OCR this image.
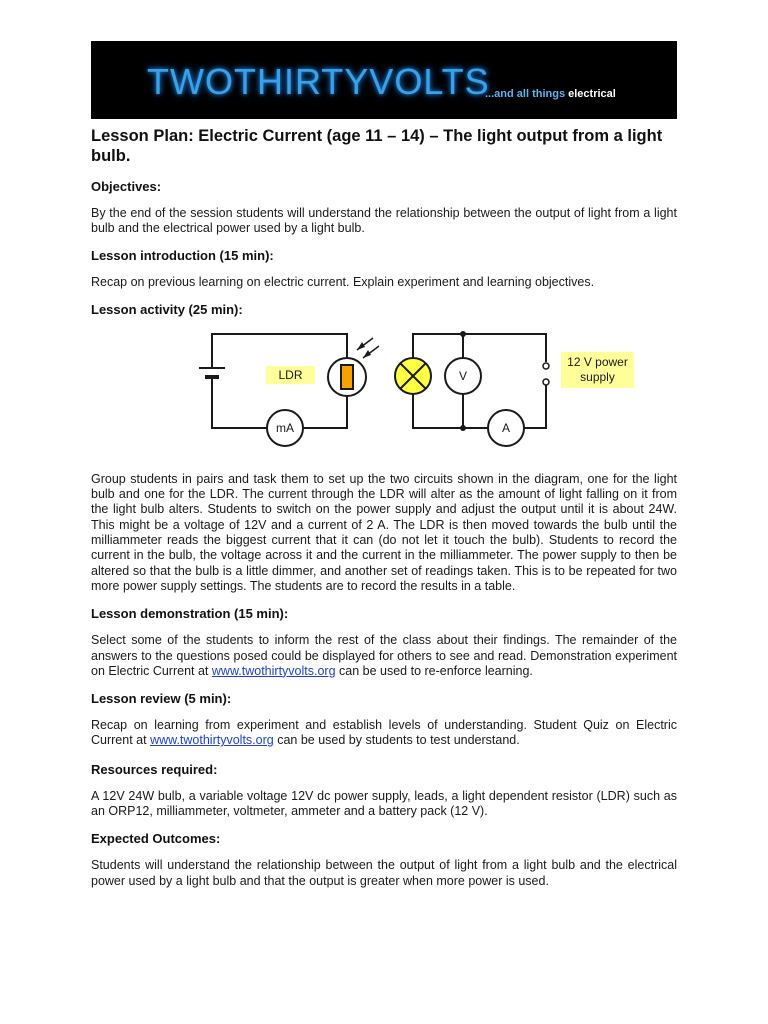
TWOTHIRTYVOLTS
...and all things electrical
Lesson Plan: Electric Current (age 11 – 14) – The light output from a light bulb.
Objectives:

By the end of the session students will understand the relationship between the output of light from a light bulb and the electrical power used by a light bulb.

Lesson introduction (15 min):

Recap on previous learning on electric current. Explain experiment and learning objectives.

Lesson activity (25 min):
mA
V
A
LDR
12 V power
supply

Group students in pairs and task them to set up the two circuits shown in the diagram, one for the light bulb and one for the LDR. The current through the LDR will alter as the amount of light falling on it from the light bulb alters. Students to switch on the power supply and adjust the output until it is about 24W. This might be a voltage of 12V and a current of 2 A. The LDR is then moved towards the bulb until the milliammeter reads the biggest current that it can (do not let it touch the bulb). Students to record the current in the bulb, the voltage across it and the current in the milliammeter. The power supply to then be altered so that the bulb is a little dimmer, and another set of readings taken. This is to be repeated for two more power supply settings. The students are to record the results in a table.

Lesson demonstration (15 min):

Select some of the students to inform the rest of the class about their findings. The remainder of the answers to the questions posed could be displayed for others to see and read. Demonstration experiment on Electric Current at www.twothirtyvolts.org can be used to re-enforce learning.

Lesson review (5 min):

Recap on learning from experiment and establish levels of understanding. Student Quiz on Electric Current at www.twothirtyvolts.org can be used by students to test understand.

Resources required:

A 12V 24W bulb, a variable voltage 12V dc power supply, leads, a light dependent resistor (LDR) such as an ORP12, milliammeter, voltmeter, ammeter and a battery pack (12 V).

Expected Outcomes:

Students will understand the relationship between the output of light from a light bulb and the electrical power used by a light bulb and that the output is greater when more power is used.
